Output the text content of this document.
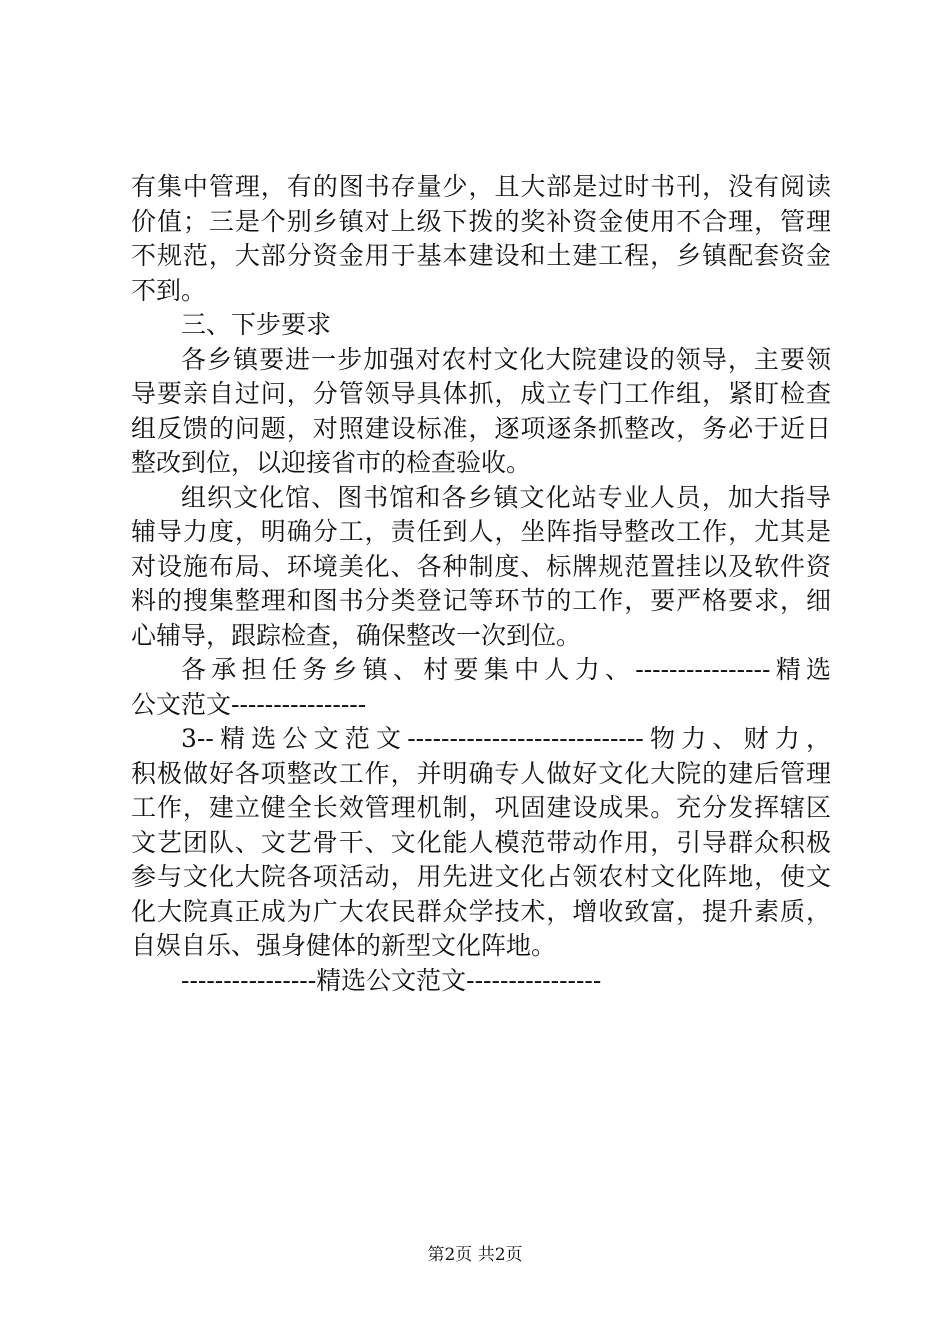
有集中管理，有的图书存量少，且大部是过时书刊，没有阅读
价值；三是个别乡镇对上级下拨的奖补资金使用不合理，管理
不规范，大部分资金用于基本建设和土建工程，乡镇配套资金
不到。
三、下步要求
各乡镇要进一步加强对农村文化大院建设的领导，主要领
导要亲自过问，分管领导具体抓，成立专门工作组，紧盯检查
组反馈的问题，对照建设标准，逐项逐条抓整改，务必于近日
整改到位，以迎接省市的检查验收。
组织文化馆、图书馆和各乡镇文化站专业人员，加大指导
辅导力度，明确分工，责任到人，坐阵指导整改工作，尤其是
对设施布局、环境美化、各种制度、标牌规范置挂以及软件资
料的搜集整理和图书分类登记等环节的工作，要严格要求，细
心辅导，跟踪检查，确保整改一次到位。
各承担任务乡镇、村要集中人力、----------------精选
公文范文----------------
3--精选公文范文----------------------------物力、财力，
积极做好各项整改工作，并明确专人做好文化大院的建后管理
工作，建立健全长效管理机制，巩固建设成果。充分发挥辖区
文艺团队、文艺骨干、文化能人模范带动作用，引导群众积极
参与文化大院各项活动，用先进文化占领农村文化阵地，使文
化大院真正成为广大农民群众学技术，增收致富，提升素质，
自娱自乐、强身健体的新型文化阵地。
----------------精选公文范文----------------
第2页 共2页
